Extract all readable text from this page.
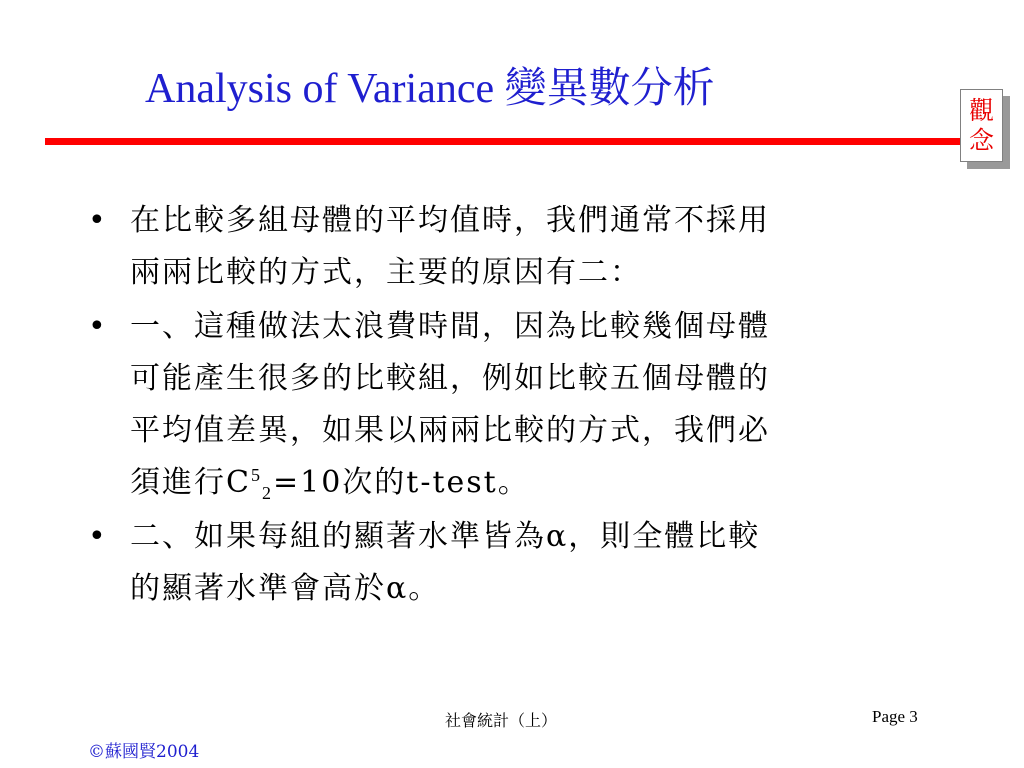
Analysis of Variance 變異數分析	觀
念
• 在比較多組母體的平均值時，我們通常不採用
兩兩比較的方式，主要的原因有二：
• 一、這種做法太浪費時間，因為比較幾個母體
可能產生很多的比較組，例如比較五個母體的
平均值差異，如果以兩兩比較的方式，我們必
須進行$C^5_2=10$次的t-test。
• 二、如果每組的顯著水準皆為α，則全體比較
的顯著水準會高於α。
社會統計（上）	Page 3
©蘇國賢2004
